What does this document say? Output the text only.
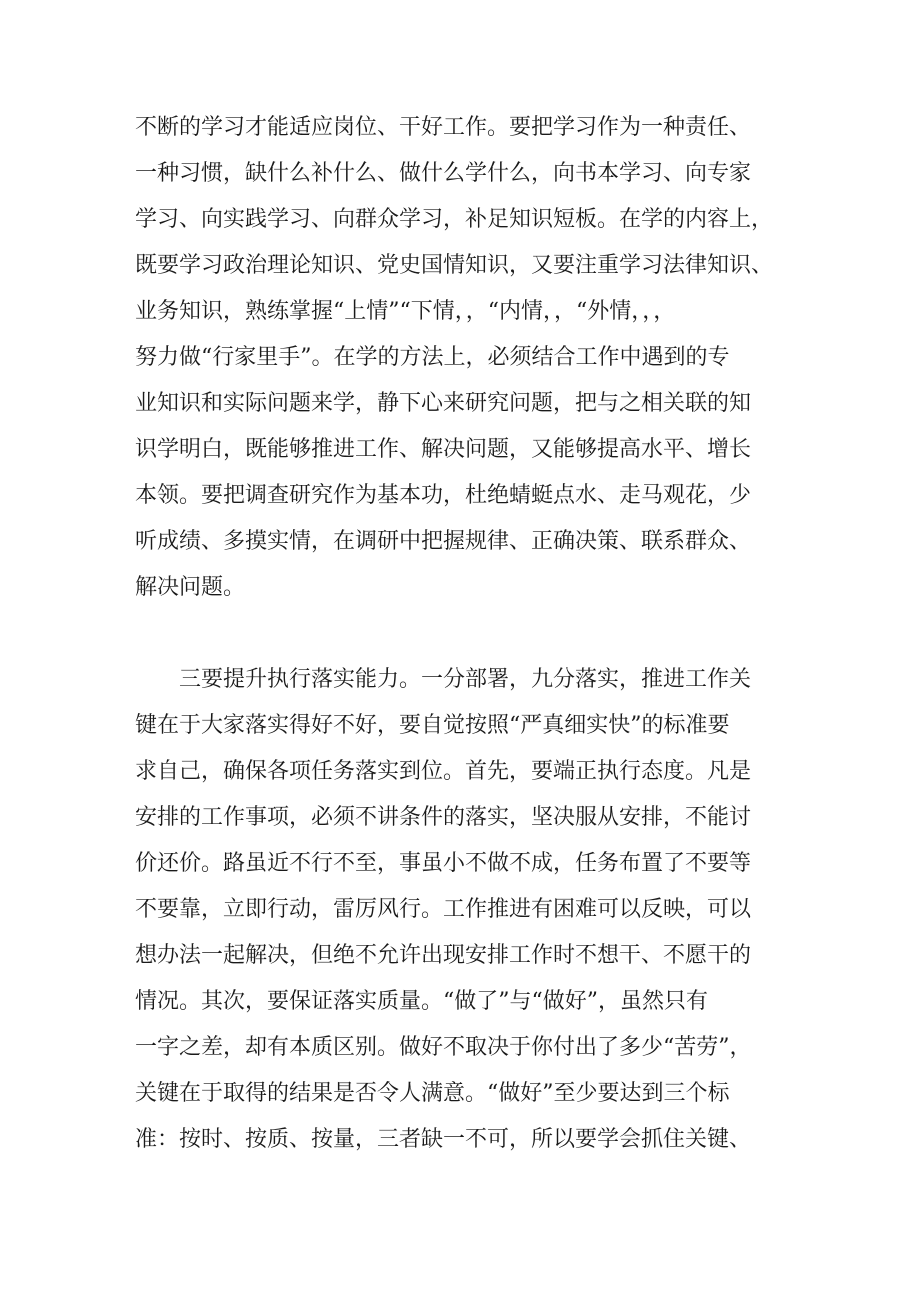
不断的学习才能适应岗位、干好工作。要把学习作为一种责任、
一种习惯，缺什么补什么、做什么学什么，向书本学习、向专家
学习、向实践学习、向群众学习，补足知识短板。在学的内容上，
既要学习政治理论知识、党史国情知识，又要注重学习法律知识、
业务知识，熟练掌握“上情”“下情，，“内情，，“外情，，，
努力做“行家里手”。在学的方法上，必须结合工作中遇到的专
业知识和实际问题来学，静下心来研究问题，把与之相关联的知
识学明白，既能够推进工作、解决问题，又能够提高水平、增长
本领。要把调查研究作为基本功，杜绝蜻蜓点水、走马观花，少
听成绩、多摸实情，在调研中把握规律、正确决策、联系群众、
解决问题。
三要提升执行落实能力。一分部署，九分落实，推进工作关
键在于大家落实得好不好，要自觉按照“严真细实快”的标准要
求自己，确保各项任务落实到位。首先，要端正执行态度。凡是
安排的工作事项，必须不讲条件的落实，坚决服从安排，不能讨
价还价。路虽近不行不至，事虽小不做不成，任务布置了不要等
不要靠，立即行动，雷厉风行。工作推进有困难可以反映，可以
想办法一起解决，但绝不允许出现安排工作时不想干、不愿干的
情况。其次，要保证落实质量。“做了”与“做好”，虽然只有
一字之差，却有本质区别。做好不取决于你付出了多少“苦劳”，
关键在于取得的结果是否令人满意。“做好”至少要达到三个标
准：按时、按质、按量，三者缺一不可，所以要学会抓住关键、
